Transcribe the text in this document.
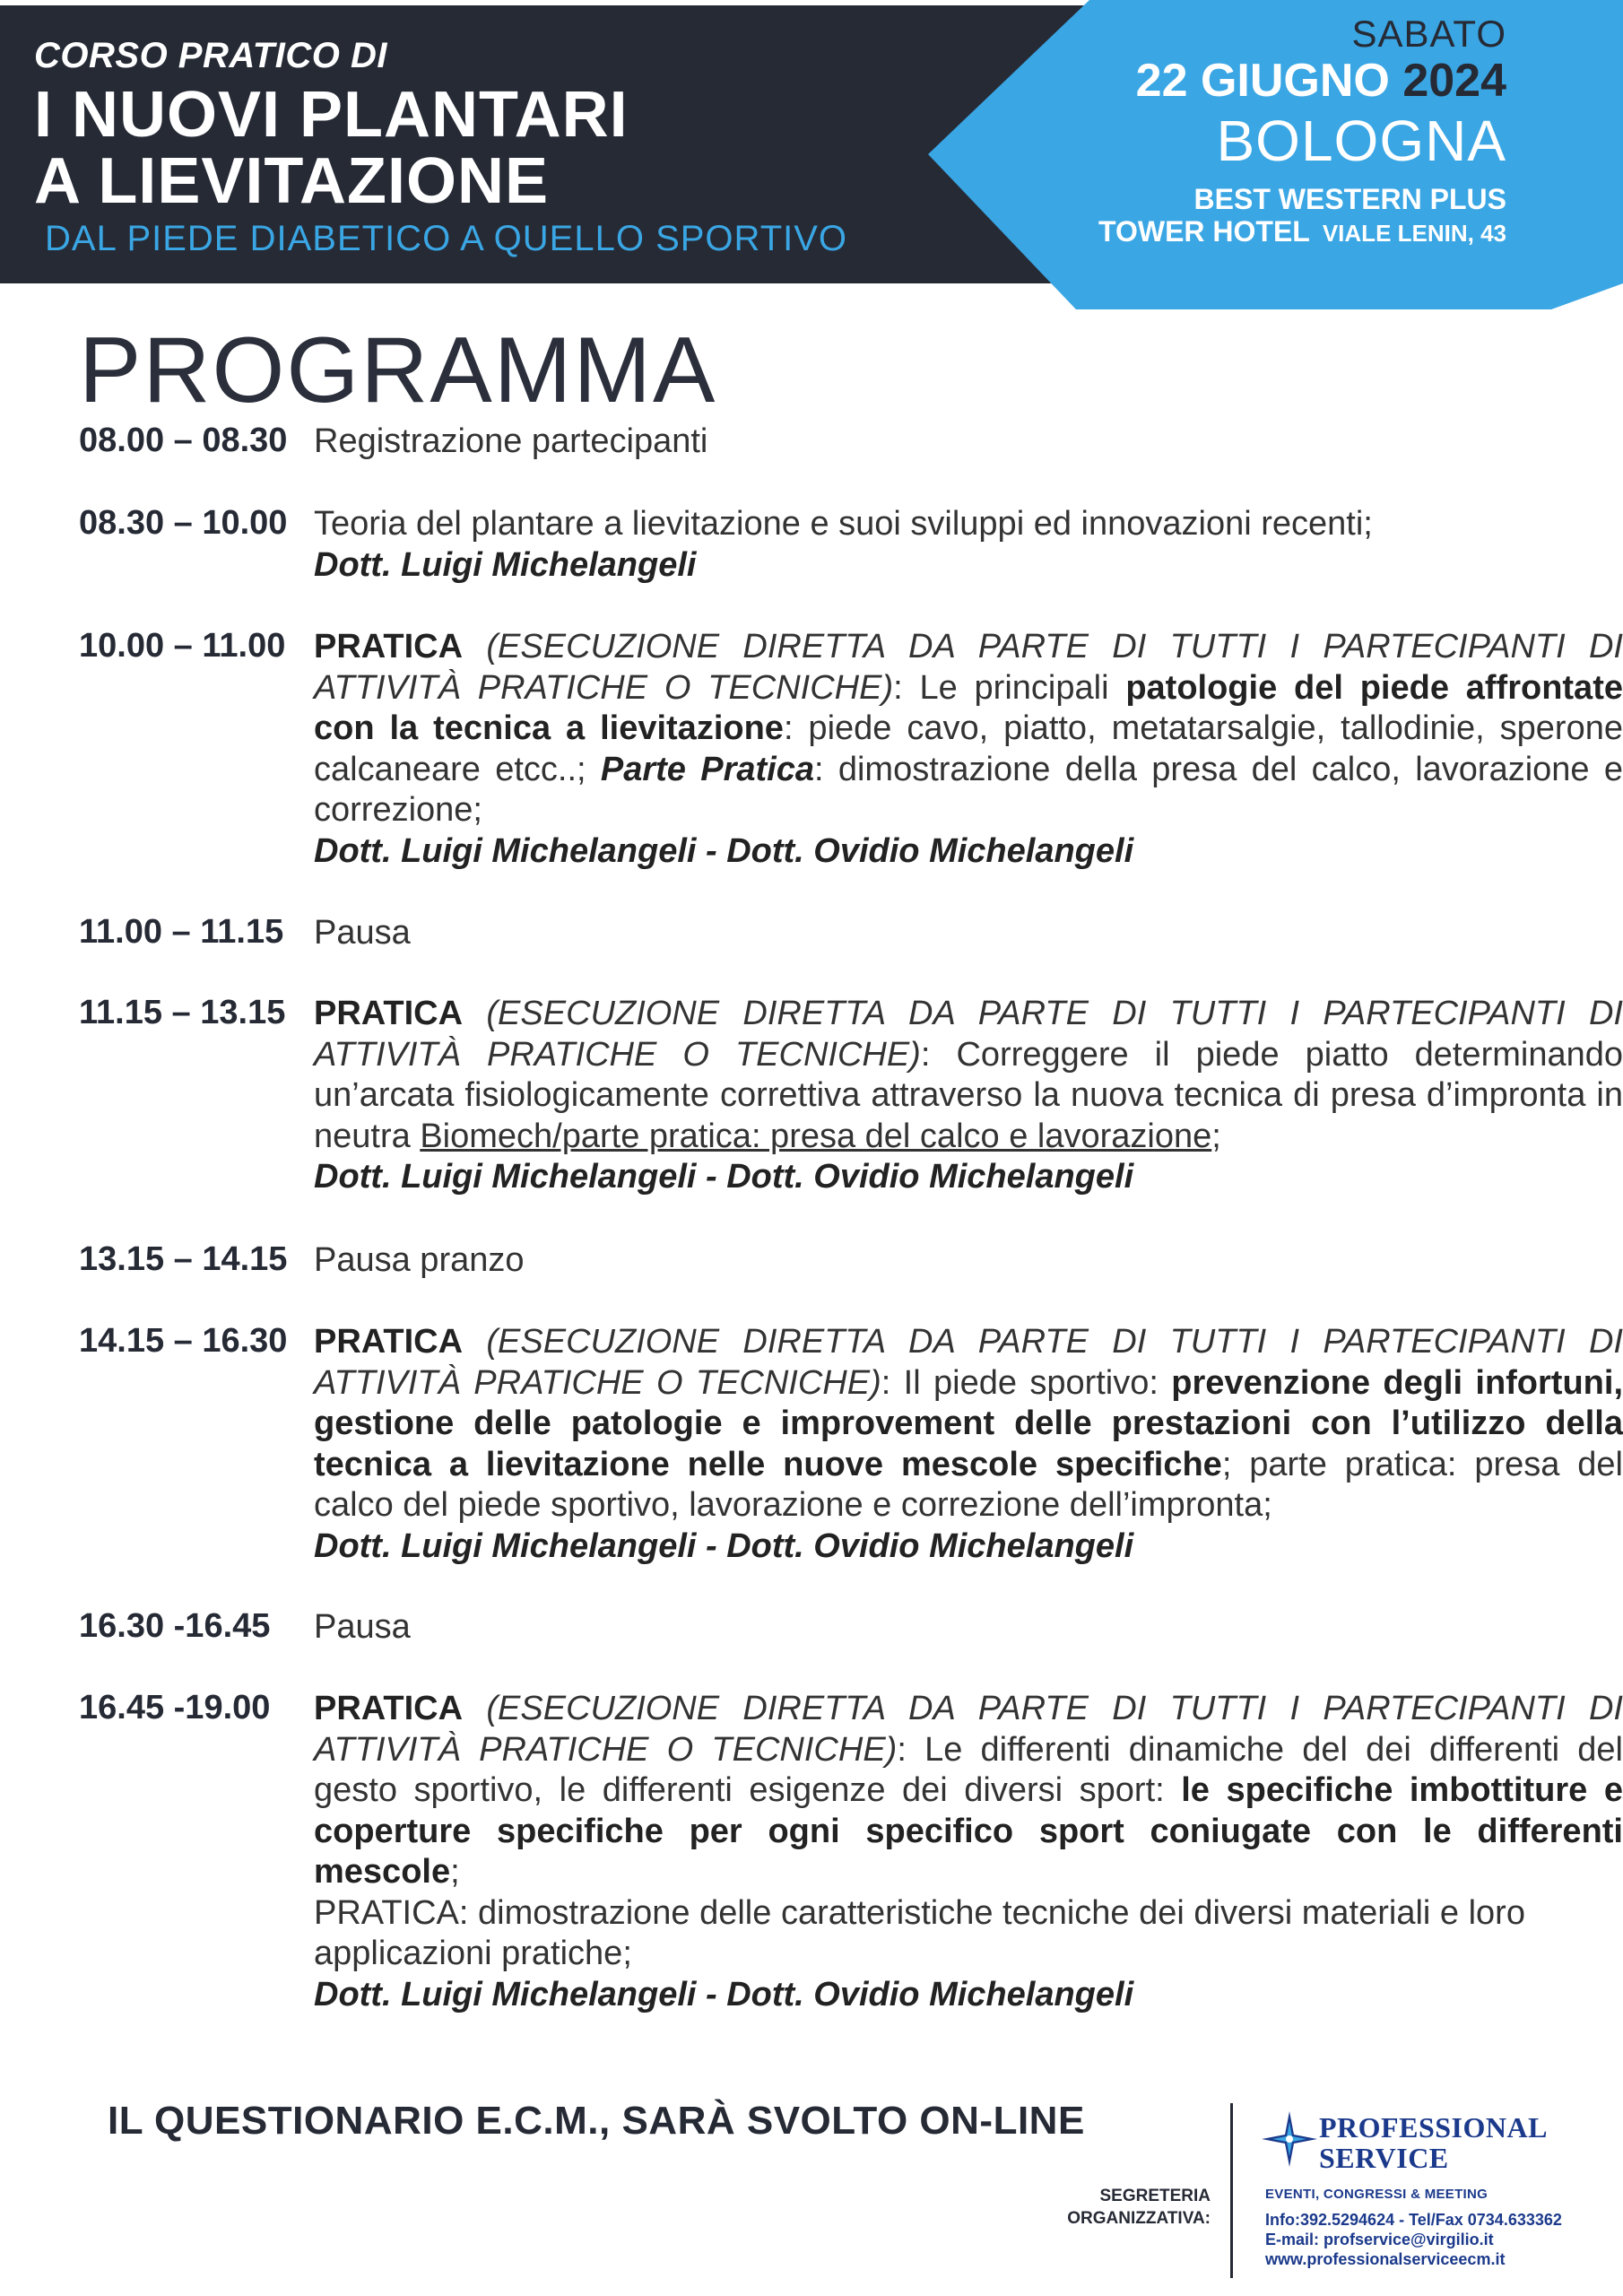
CORSO PRATICO DI
I NUOVI PLANTARI
A LIEVITAZIONE
DAL PIEDE DIABETICO A QUELLO SPORTIVO
SABATO
22 GIUGNO 2024
BOLOGNA
BEST WESTERN PLUS
TOWER HOTEL VIALE LENIN, 43
PROGRAMMA
08.00 – 08.30 Registrazione partecipanti
08.30 – 10.00 Teoria del plantare a lievitazione e suoi sviluppi ed innovazioni recenti;
Dott. Luigi Michelangeli
10.00 – 11.00 PRATICA (ESECUZIONE DIRETTA DA PARTE DI TUTTI I PARTECIPANTI DI ATTIVITÀ PRATICHE O TECNICHE): Le principali patologie del piede affrontate con la tecnica a lievitazione: piede cavo, piatto, metatarsalgie, tallodinie, sperone calcaneare etcc..; Parte Pratica: dimostrazione della presa del calco, lavorazione e correzione;
Dott. Luigi Michelangeli - Dott. Ovidio Michelangeli
11.00 – 11.15 Pausa
11.15 – 13.15 PRATICA (ESECUZIONE DIRETTA DA PARTE DI TUTTI I PARTECIPANTI DI ATTIVITÀ PRATICHE O TECNICHE): Correggere il piede piatto determinando un’arcata fisiologicamente correttiva attraverso la nuova tecnica di presa d’impronta in neutra Biomech/parte pratica: presa del calco e lavorazione;
Dott. Luigi Michelangeli - Dott. Ovidio Michelangeli
13.15 – 14.15 Pausa pranzo
14.15 – 16.30 PRATICA (ESECUZIONE DIRETTA DA PARTE DI TUTTI I PARTECIPANTI DI ATTIVITÀ PRATICHE O TECNICHE): Il piede sportivo: prevenzione degli infortuni, gestione delle patologie e improvement delle prestazioni con l’utilizzo della tecnica a lievitazione nelle nuove mescole specifiche; parte pratica: presa del calco del piede sportivo, lavorazione e correzione dell’impronta;
Dott. Luigi Michelangeli - Dott. Ovidio Michelangeli
16.30 -16.45 Pausa
16.45 -19.00 PRATICA (ESECUZIONE DIRETTA DA PARTE DI TUTTI I PARTECIPANTI DI ATTIVITÀ PRATICHE O TECNICHE): Le differenti dinamiche del dei differenti del gesto sportivo, le differenti esigenze dei diversi sport: le specifiche imbottiture e coperture specifiche per ogni specifico sport coniugate con le differenti mescole;
PRATICA: dimostrazione delle caratteristiche tecniche dei diversi materiali e loro applicazioni pratiche;
Dott. Luigi Michelangeli - Dott. Ovidio Michelangeli
IL QUESTIONARIO E.C.M., SARÀ SVOLTO ON-LINE
SEGRETERIA
ORGANIZZATIVA:
PROFESSIONAL
SERVICE
EVENTI, CONGRESSI & MEETING
Info:392.5294624 - Tel/Fax 0734.633362
E-mail: profservice@virgilio.it
www.professionalserviceecm.it
